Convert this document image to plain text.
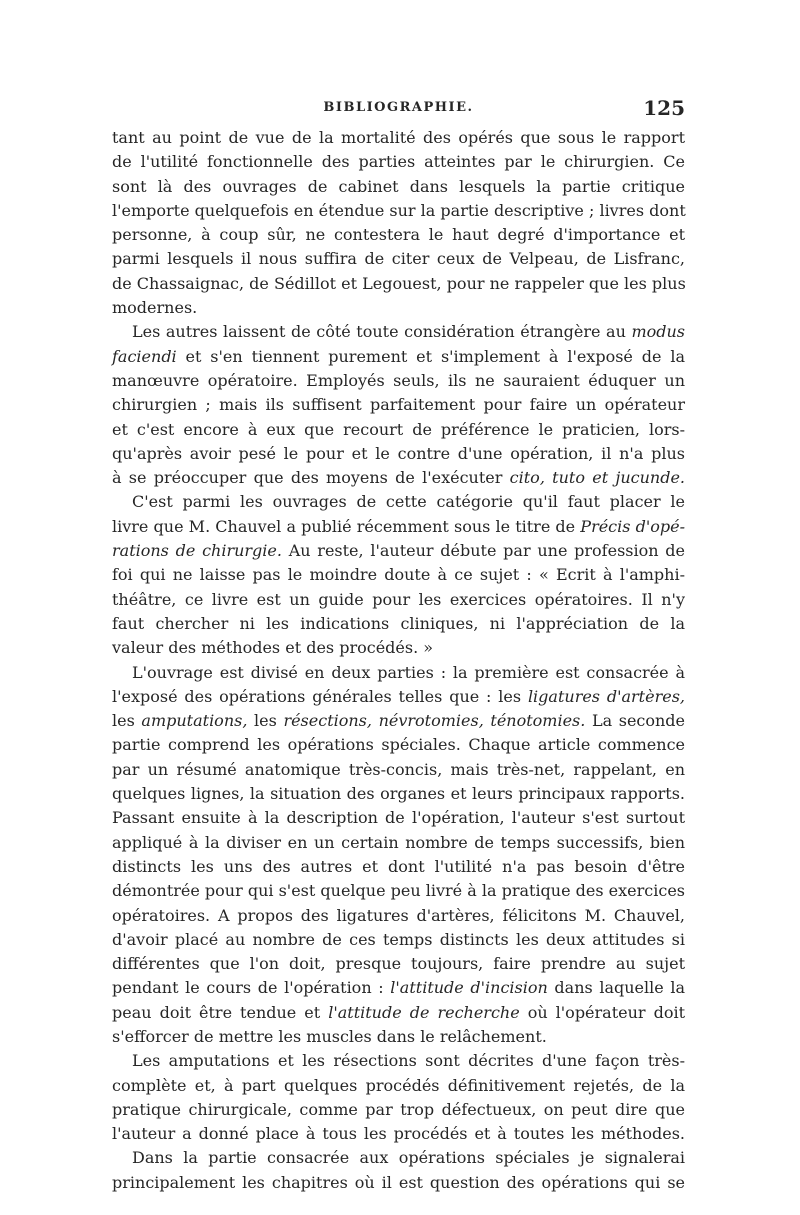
BIBLIOGRAPHIE.	125
tant au point de vue de la mortalité des opérés que sous le rapport
de l'utilité fonctionnelle des parties atteintes par le chirurgien. Ce
sont là des ouvrages de cabinet dans lesquels la partie critique
l'emporte quelquefois en étendue sur la partie descriptive ; livres dont
personne, à coup sûr, ne contestera le haut degré d'importance et
parmi lesquels il nous suffira de citer ceux de Velpeau, de Lisfranc,
de Chassaignac, de Sédillot et Legouest, pour ne rappeler que les plus
modernes.
Les autres laissent de côté toute considération étrangère au modus
faciendi et s'en tiennent purement et s'implement à l'exposé de la
manœuvre opératoire. Employés seuls, ils ne sauraient éduquer un
chirurgien ; mais ils suffisent parfaitement pour faire un opérateur
et c'est encore à eux que recourt de préférence le praticien, lors-
qu'après avoir pesé le pour et le contre d'une opération, il n'a plus
à se préoccuper que des moyens de l'exécuter cito, tuto et jucunde.
C'est parmi les ouvrages de cette catégorie qu'il faut placer le
livre que M. Chauvel a publié récemment sous le titre de Précis d'opé-
rations de chirurgie. Au reste, l'auteur débute par une profession de
foi qui ne laisse pas le moindre doute à ce sujet : « Ecrit à l'amphi-
théâtre, ce livre est un guide pour les exercices opératoires. Il n'y
faut chercher ni les indications cliniques, ni l'appréciation de la
valeur des méthodes et des procédés. »
L'ouvrage est divisé en deux parties : la première est consacrée à
l'exposé des opérations générales telles que : les ligatures d'artères,
les amputations, les résections, névrotomies, ténotomies. La seconde
partie comprend les opérations spéciales. Chaque article commence
par un résumé anatomique très-concis, mais très-net, rappelant, en
quelques lignes, la situation des organes et leurs principaux rapports.
Passant ensuite à la description de l'opération, l'auteur s'est surtout
appliqué à la diviser en un certain nombre de temps successifs, bien
distincts les uns des autres et dont l'utilité n'a pas besoin d'être
démontrée pour qui s'est quelque peu livré à la pratique des exercices
opératoires. A propos des ligatures d'artères, félicitons M. Chauvel,
d'avoir placé au nombre de ces temps distincts les deux attitudes si
différentes que l'on doit, presque toujours, faire prendre au sujet
pendant le cours de l'opération : l'attitude d'incision dans laquelle la
peau doit être tendue et l'attitude de recherche où l'opérateur doit
s'efforcer de mettre les muscles dans le relâchement.
Les amputations et les résections sont décrites d'une façon très-
complète et, à part quelques procédés définitivement rejetés, de la
pratique chirurgicale, comme par trop défectueux, on peut dire que
l'auteur a donné place à tous les procédés et à toutes les méthodes.
Dans la partie consacrée aux opérations spéciales je signalerai
principalement les chapitres où il est question des opérations qui se
